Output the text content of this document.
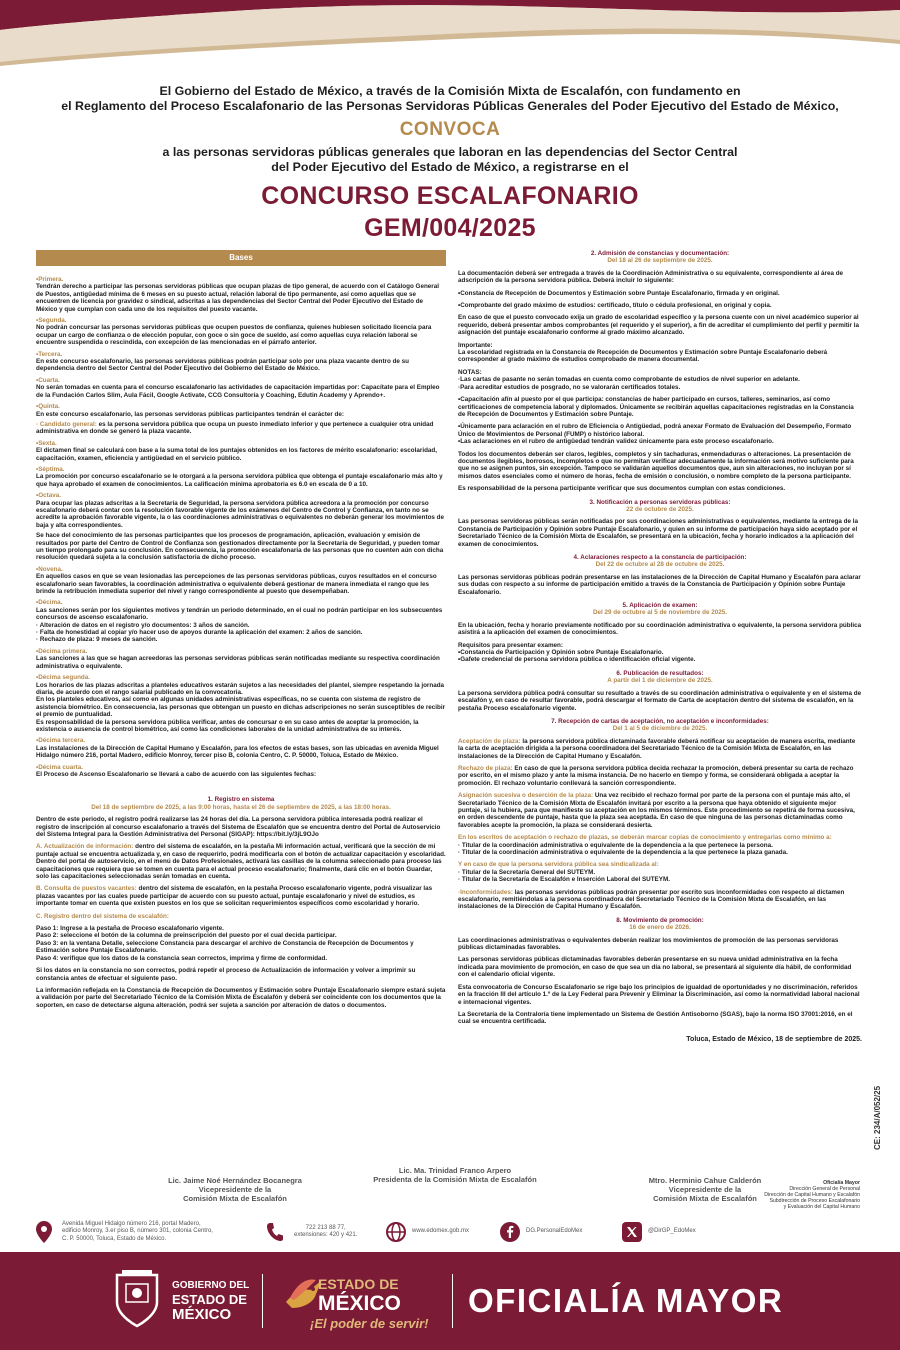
El Gobierno del Estado de México, a través de la Comisión Mixta de Escalafón, con fundamento en
el Reglamento del Proceso Escalafonario de las Personas Servidoras Públicas Generales del Poder Ejecutivo del Estado de México,
CONVOCA
a las personas servidoras públicas generales que laboran en las dependencias del Sector Central
del Poder Ejecutivo del Estado de México, a registrarse en el
CONCURSO ESCALAFONARIO
GEM/004/2025
Bases
• Primera.

Tendrán derecho a participar las personas servidoras públicas que ocupan plazas de tipo general, de acuerdo con el Catálogo General de Puestos, antigüedad mínima de 6 meses en su puesto actual, relación laboral de tipo permanente, así como aquellas que se encuentren de licencia por gravidez o sindical, adscritas a las dependencias del Sector Central del Poder Ejecutivo del Estado de México y que cumplan con cada uno de los requisitos del puesto vacante.

• Segunda.

No podrán concursar las personas servidoras públicas que ocupen puestos de confianza, quienes hubiesen solicitado licencia para ocupar un cargo de confianza o de elección popular, con goce o sin goce de sueldo, así como aquellas cuya relación laboral se encuentre suspendida o rescindida, con excepción de las mencionadas en el párrafo anterior.

• Tercera.

En este concurso escalafonario, las personas servidoras públicas podrán participar solo por una plaza vacante dentro de su dependencia dentro del Sector Central del Poder Ejecutivo del Gobierno del Estado de México.

• Cuarta.

No serán tomadas en cuenta para el concurso escalafonario las actividades de capacitación impartidas por: Capacítate para el Empleo de la Fundación Carlos Slim, Aula Fácil, Google Activate, CCG Consultoría y Coaching, Edutin Academy y Aprendo+.

• Quinta.

En este concurso escalafonario, las personas servidoras públicas participantes tendrán el carácter de:

· Candidato general: es la persona servidora pública que ocupa un puesto inmediato inferior y que pertenece a cualquier otra unidad administrativa en donde se generó la plaza vacante.

• Sexta.

El dictamen final se calculará con base a la suma total de los puntajes obtenidos en los factores de mérito escalafonario: escolaridad, capacitación, examen, eficiencia y antigüedad en el servicio público.

• Séptima.

La promoción por concurso escalafonario se le otorgará a la persona servidora pública que obtenga el puntaje escalafonario más alto y que haya aprobado el examen de conocimientos. La calificación mínima aprobatoria es 6.0 en escala de 0 a 10.

• Octava.

Para ocupar las plazas adscritas a la Secretaría de Seguridad, la persona servidora pública acreedora a la promoción por concurso escalafonario deberá contar con la resolución favorable vigente de los exámenes del Centro de Control y Confianza, en tanto no se acredite la aprobación favorable vigente, la o las coordinaciones administrativas o equivalentes no deberán generar los movimientos de baja y alta correspondientes.

Se hace del conocimiento de las personas participantes que los procesos de programación, aplicación, evaluación y emisión de resultados por parte del Centro de Control de Confianza son gestionados directamente por la Secretaría de Seguridad, y pueden tomar un tiempo prolongado para su conclusión. En consecuencia, la promoción escalafonaria de las personas que no cuenten aún con dicha resolución quedará sujeta a la conclusión satisfactoria de dicho proceso.

• Novena.

En aquellos casos en que se vean lesionadas las percepciones de las personas servidoras públicas, cuyos resultados en el concurso escalafonario sean favorables, la coordinación administrativa o equivalente deberá gestionar de manera inmediata el rango que les brinde la retribución inmediata superior del nivel y rango correspondiente al puesto que desempeñaban.

• Décima.

Las sanciones serán por los siguientes motivos y tendrán un periodo determinado, en el cual no podrán participar en los subsecuentes concursos de ascenso escalafonario.

· Alteración de datos en el registro y/o documentos: 3 años de sanción.

· Falta de honestidad al copiar y/o hacer uso de apoyos durante la aplicación del examen: 2 años de sanción.

· Rechazo de plaza: 9 meses de sanción.

• Décima primera.

Las sanciones a las que se hagan acreedoras las personas servidoras públicas serán notificadas mediante su respectiva coordinación administrativa o equivalente.

• Décima segunda.

Los horarios de las plazas adscritas a planteles educativos estarán sujetos a las necesidades del plantel, siempre respetando la jornada diaria, de acuerdo con el rango salarial publicado en la convocatoria.

En los planteles educativos, así como en algunas unidades administrativas específicas, no se cuenta con sistema de registro de asistencia biométrico. En consecuencia, las personas que obtengan un puesto en dichas adscripciones no serán susceptibles de recibir el premio de puntualidad.

Es responsabilidad de la persona servidora pública verificar, antes de concursar o en su caso antes de aceptar la promoción, la existencia o ausencia de control biométrico, así como las condiciones laborales de la unidad administrativa de su interés.

• Décima tercera.

Las instalaciones de la Dirección de Capital Humano y Escalafón, para los efectos de estas bases, son las ubicadas en avenida Miguel Hidalgo número 216, portal Madero, edificio Monroy, tercer piso B, colonia Centro, C. P. 50000, Toluca, Estado de México.

• Décima cuarta.

El Proceso de Ascenso Escalafonario se llevará a cabo de acuerdo con las siguientes fechas:

1. Registro en sistema
Del 18 de septiembre de 2025, a las 9:00 horas, hasta el 26 de septiembre de 2025, a las 18:00 horas.

Dentro de este periodo, el registro podrá realizarse las 24 horas del día. La persona servidora pública interesada podrá realizar el registro de inscripción al concurso escalafonario a través del Sistema de Escalafón que se encuentra dentro del Portal de Autoservicio del Sistema Integral para la Gestión Administrativa del Personal (SIGAP): https://bit.ly/3jL9OJo

A. Actualización de información: dentro del sistema de escalafón, en la pestaña Mi información actual, verificará que la sección de mi puntaje actual se encuentra actualizada y, en caso de requerirlo, podrá modificarla con el botón de actualizar capacitación y escolaridad. Dentro del portal de autoservicio, en el menú de Datos Profesionales, activará las casillas de la columna seleccionado para proceso las capacitaciones que requiera que se tomen en cuenta para el actual proceso escalafonario; finalmente, dará clic en el botón Guardar, solo las capacitaciones seleccionadas serán tomadas en cuenta.

B. Consulta de puestos vacantes: dentro del sistema de escalafón, en la pestaña Proceso escalafonario vigente, podrá visualizar las plazas vacantes por las cuales puede participar de acuerdo con su puesto actual, puntaje escalafonario y nivel de estudios, es importante tomar en cuenta que existen puestos en los que se solicitan requerimientos específicos como escolaridad y horario.

C. Registro dentro del sistema de escalafón:

Paso 1: Ingrese a la pestaña de Proceso escalafonario vigente.

Paso 2: seleccione el botón de la columna de preinscripción del puesto por el cual decida participar.

Paso 3: en la ventana Detalle, seleccione Constancia para descargar el archivo de Constancia de Recepción de Documentos y Estimación sobre Puntaje Escalafonario.

Paso 4: verifique que los datos de la constancia sean correctos, imprima y firme de conformidad.

Si los datos en la constancia no son correctos, podrá repetir el proceso de Actualización de información y volver a imprimir su constancia antes de efectuar el siguiente paso.

La información reflejada en la Constancia de Recepción de Documentos y Estimación sobre Puntaje Escalafonario siempre estará sujeta a validación por parte del Secretariado Técnico de la Comisión Mixta de Escalafón y deberá ser coincidente con los documentos que la soporten, en caso de detectarse alguna alteración, podrá ser sujeta a sanción por alteración de datos o documentos.

2. Admisión de constancias y documentación:
Del 18 al 26 de septiembre de 2025.

La documentación deberá ser entregada a través de la Coordinación Administrativa o su equivalente, correspondiente al área de adscripción de la persona servidora pública. Deberá incluir lo siguiente:

•Constancia de Recepción de Documentos y Estimación sobre Puntaje Escalafonario, firmada y en original.

•Comprobante del grado máximo de estudios: certificado, título o cédula profesional, en original y copia.

En caso de que el puesto convocado exija un grado de escolaridad específico y la persona cuente con un nivel académico superior al requerido, deberá presentar ambos comprobantes (el requerido y el superior), a fin de acreditar el cumplimiento del perfil y permitir la asignación del puntaje escalafonario conforme al grado máximo alcanzado.

Importante:

La escolaridad registrada en la Constancia de Recepción de Documentos y Estimación sobre Puntaje Escalafonario deberá corresponder al grado máximo de estudios comprobado de manera documental.

NOTAS:

·Las cartas de pasante no serán tomadas en cuenta como comprobante de estudios de nivel superior en adelante.

·Para acreditar estudios de posgrado, no se valorarán certificados totales.

•Capacitación afín al puesto por el que participa: constancias de haber participado en cursos, talleres, seminarios, así como certificaciones de competencia laboral y diplomados. Únicamente se recibirán aquellas capacitaciones registradas en la Constancia de Recepción de Documentos y Estimación sobre Puntaje.

•Únicamente para aclaración en el rubro de Eficiencia o Antigüedad, podrá anexar Formato de Evaluación del Desempeño, Formato Único de Movimientos de Personal (FUMP) o histórico laboral.

•Las aclaraciones en el rubro de antigüedad tendrán validez únicamente para este proceso escalafonario.

Todos los documentos deberán ser claros, legibles, completos y sin tachaduras, enmendaduras o alteraciones. La presentación de documentos ilegibles, borrosos, incompletos o que no permitan verificar adecuadamente la información será motivo suficiente para que no se asignen puntos, sin excepción. Tampoco se validarán aquellos documentos que, aun sin alteraciones, no incluyan por sí mismos datos esenciales como el número de horas, fecha de emisión o conclusión, o nombre completo de la persona participante.

Es responsabilidad de la persona participante verificar que sus documentos cumplan con estas condiciones.

3. Notificación a personas servidoras públicas:
22 de octubre de 2025.

Las personas servidoras públicas serán notificadas por sus coordinaciones administrativas o equivalentes, mediante la entrega de la Constancia de Participación y Opinión sobre Puntaje Escalafonario, y quien en su informe de participación haya sido aceptado por el Secretariado Técnico de la Comisión Mixta de Escalafón, se presentará en la ubicación, fecha y horario indicados a la aplicación del examen de conocimientos.

4. Aclaraciones respecto a la constancia de participación:
Del 22 de octubre al 28 de octubre de 2025.

Las personas servidoras públicas podrán presentarse en las instalaciones de la Dirección de Capital Humano y Escalafón para aclarar sus dudas con respecto a su informe de participación emitido a través de la Constancia de Participación y Opinión sobre Puntaje Escalafonario.

5. Aplicación de examen:
Del 29 de octubre al 5 de noviembre de 2025.

En la ubicación, fecha y horario previamente notificado por su coordinación administrativa o equivalente, la persona servidora pública asistirá a la aplicación del examen de conocimientos.

Requisitos para presentar examen:

•Constancia de Participación y Opinión sobre Puntaje Escalafonario.

•Gafete credencial de persona servidora pública o identificación oficial vigente.

6. Publicación de resultados:
A partir del 1 de diciembre de 2025.

La persona servidora pública podrá consultar su resultado a través de su coordinación administrativa o equivalente y en el sistema de escalafón y, en caso de resultar favorable, podrá descargar el formato de Carta de aceptación dentro del sistema de escalafón, en la pestaña Proceso escalafonario vigente.

7. Recepción de cartas de aceptación, no aceptación e inconformidades:
Del 1 al 5 de diciembre de 2025.

Aceptación de plaza: la persona servidora pública dictaminada favorable deberá notificar su aceptación de manera escrita, mediante la carta de aceptación dirigida a la persona coordinadora del Secretariado Técnico de la Comisión Mixta de Escalafón, en las instalaciones de la Dirección de Capital Humano y Escalafón.

Rechazo de plaza: En caso de que la persona servidora pública decida rechazar la promoción, deberá presentar su carta de rechazo por escrito, en el mismo plazo y ante la misma instancia. De no hacerlo en tiempo y forma, se considerará obligada a aceptar la promoción. El rechazo voluntario conllevará la sanción correspondiente.

Asignación sucesiva o deserción de la plaza: Una vez recibido el rechazo formal por parte de la persona con el puntaje más alto, el Secretariado Técnico de la Comisión Mixta de Escalafón invitará por escrito a la persona que haya obtenido el siguiente mejor puntaje, si la hubiera, para que manifieste su aceptación en los mismos términos. Este procedimiento se repetirá de forma sucesiva, en orden descendente de puntaje, hasta que la plaza sea aceptada. En caso de que ninguna de las personas dictaminadas como favorables acepte la promoción, la plaza se considerará desierta.

En los escritos de aceptación o rechazo de plazas, se deberán marcar copias de conocimiento y entregarlas como mínimo a:

· Titular de la coordinación administrativa o equivalente de la dependencia a la que pertenece la persona.

· Titular de la coordinación administrativa o equivalente de la dependencia a la que pertenece la plaza ganada.

Y en caso de que la persona servidora pública sea sindicalizada al:

· Titular de la Secretaría General del SUTEYM.

· Titular de la Secretaría de Escalafón e Inserción Laboral del SUTEYM.

·Inconformidades: las personas servidoras públicas podrán presentar por escrito sus inconformidades con respecto al dictamen escalafonario, remitiéndolas a la persona coordinadora del Secretariado Técnico de la Comisión Mixta de Escalafón, en las instalaciones de la Dirección de Capital Humano y Escalafón.

8. Movimiento de promoción:
16 de enero de 2026.

Las coordinaciones administrativas o equivalentes deberán realizar los movimientos de promoción de las personas servidoras públicas dictaminadas favorables.

Las personas servidoras públicas dictaminadas favorables deberán presentarse en su nueva unidad administrativa en la fecha indicada para movimiento de promoción, en caso de que sea un día no laboral, se presentará al siguiente día hábil, de conformidad con el calendario oficial vigente.

Esta convocatoria de Concurso Escalafonario se rige bajo los principios de igualdad de oportunidades y no discriminación, referidos en la fracción III del artículo 1.º de la Ley Federal para Prevenir y Eliminar la Discriminación, así como la normatividad laboral nacional e internacional vigentes.

La Secretaría de la Contraloría tiene implementado un Sistema de Gestión Antisoborno (SGAS), bajo la norma ISO 37001:2016, en el cual se encuentra certificada.

Toluca, Estado de México, 18 de septiembre de 2025.

Lic. Jaime Noé Hernández Bocanegra
Vicepresidente de la
Comisión Mixta de Escalafón
Lic. Ma. Trinidad Franco Arpero
Presidenta de la Comisión Mixta de Escalafón	Mtro. Herminio Cahue Calderón
Vicepresidente de la
Comisión Mixta de Escalafón
Oficialía Mayor
Dirección General de Personal
Dirección de Capital Humano y Escalafón
Subdirección de Proceso Escalafonario
y Evaluación del Capital Humano
CE: 234/A/052/25
Avenida Miguel Hidalgo número 216, portal Madero,
edificio Monroy, 3.er piso B, número 301, colonia Centro,
C. P. 50000, Toluca, Estado de México.
722 213 88 77,
extensiones: 420 y 421.
www.edomex.gob.mx	DG.PersonalEdoMex	@DirGP_EdoMex
GOBIERNO DEL
ESTADO DE
MÉXICO
ESTADO DE
MÉXICO
¡El poder de servir!
OFICIALÍA MAYOR
